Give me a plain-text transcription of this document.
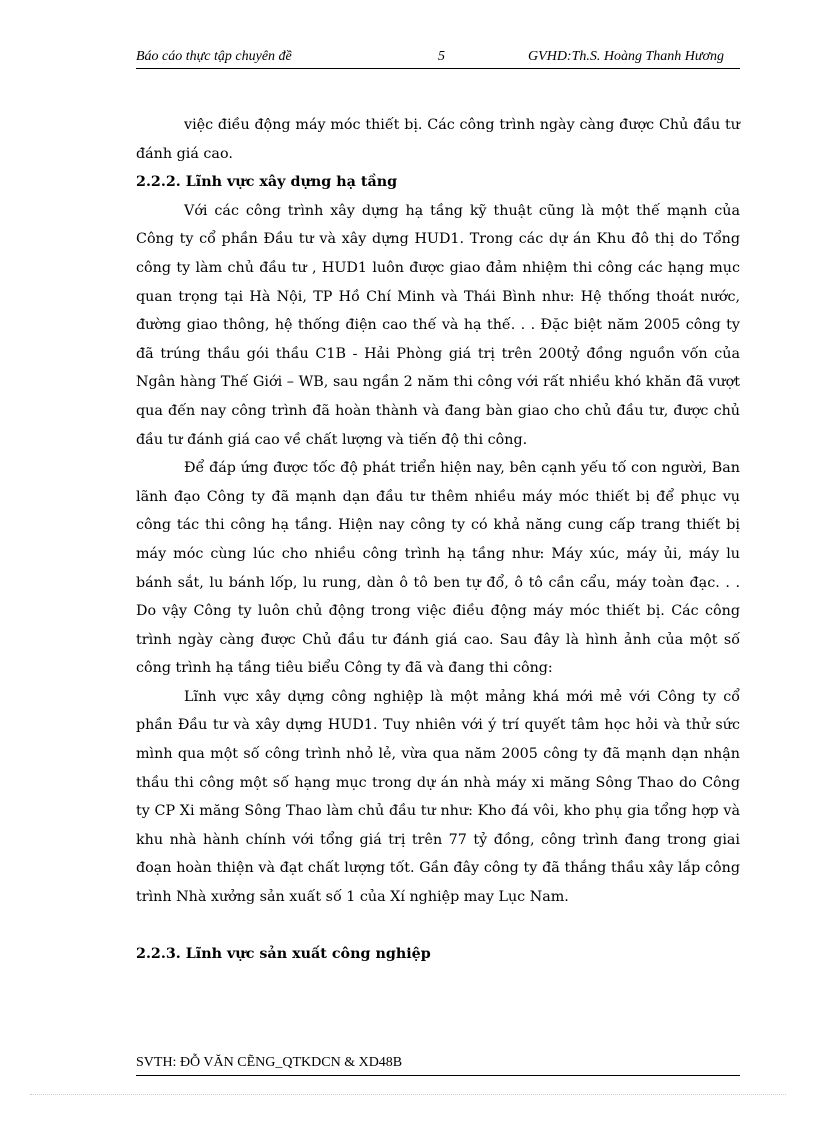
Báo cáo thực tập chuyên đề	5	GVHD:Th.S. Hoàng Thanh Hương

việc điều động máy móc thiết bị. Các công trình ngày càng được Chủ đầu tư đánh giá cao.

2.2.2. Lĩnh vực xây dựng hạ tầng

Với các công trình xây dựng hạ tầng kỹ thuật cũng là một thế mạnh của Công ty cổ phần Đầu tư và xây dựng HUD1. Trong các dự án Khu đô thị do Tổng công ty làm chủ đầu tư , HUD1 luôn được giao đảm nhiệm thi công các hạng mục quan trọng tại Hà Nội, TP Hồ Chí Minh và Thái Bình như: Hệ thống thoát nước, đường giao thông, hệ thống điện cao thế và hạ thế. . . Đặc biệt năm 2005 công ty đã trúng thầu gói thầu C1B - Hải Phòng giá trị trên 200tỷ đồng nguồn vốn của Ngân hàng Thế Giới – WB, sau ngần 2 năm thi công với rất nhiều khó khăn đã vượt qua đến nay công trình đã hoàn thành và đang bàn giao cho chủ đầu tư, được chủ đầu tư đánh giá cao về chất lượng và tiến độ thi công.

Để đáp ứng được tốc độ phát triển hiện nay, bên cạnh yếu tố con người, Ban lãnh đạo Công ty đã mạnh dạn đầu tư thêm nhiều máy móc thiết bị để phục vụ công tác thi công hạ tầng. Hiện nay công ty có khả năng cung cấp trang thiết bị máy móc cùng lúc cho nhiều công trình hạ tầng như: Máy xúc, máy ủi, máy lu bánh sắt, lu bánh lốp, lu rung, dàn ô tô ben tự đổ, ô tô cần cẩu, máy toàn đạc. . . Do vậy Công ty luôn chủ động trong việc điều động máy móc thiết bị. Các công trình ngày càng được Chủ đầu tư đánh giá cao. Sau đây là hình ảnh của một số công trình hạ tầng tiêu biểu Công ty đã và đang thi công:

Lĩnh vực xây dựng công nghiệp là một mảng khá mới mẻ với Công ty cổ phần Đầu tư và xây dựng HUD1. Tuy nhiên với ý trí quyết tâm học hỏi và thử sức mình qua một số công trình nhỏ lẻ, vừa qua năm 2005 công ty đã mạnh dạn nhận thầu thi công một số hạng mục trong dự án nhà máy xi măng Sông Thao do Công ty CP Xi măng Sông Thao làm chủ đầu tư như: Kho đá vôi, kho phụ gia tổng hợp và khu nhà hành chính với tổng giá trị trên 77 tỷ đồng, công trình đang trong giai đoạn hoàn thiện và đạt chất lượng tốt. Gần đây công ty đã thắng thầu xây lắp công trình Nhà xưởng sản xuất số 1 của Xí nghiệp may Lục Nam.

2.2.3. Lĩnh vực sản xuất công nghiệp

SVTH: ĐỖ VĂN CẼNG_QTKDCN & XD48B
